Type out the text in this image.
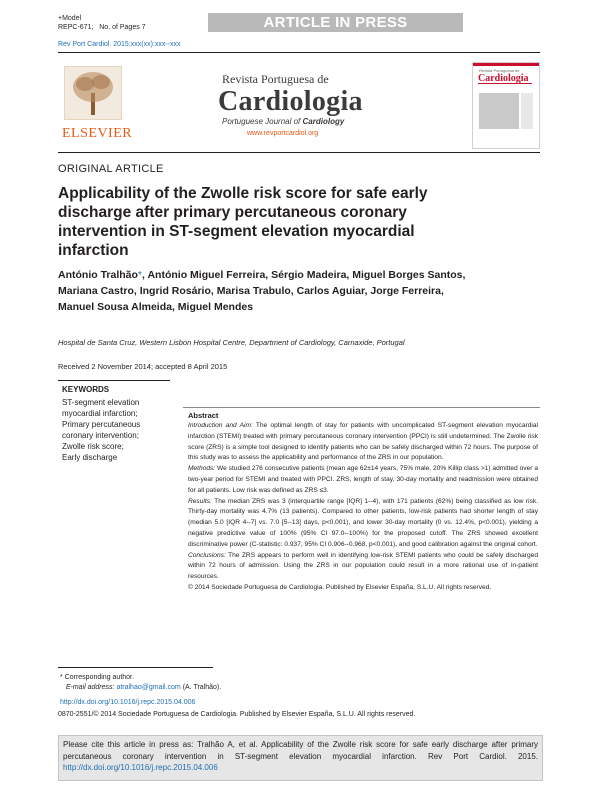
+Model
REPC-671; No. of Pages 7	ARTICLE IN PRESS
Rev Port Cardiol. 2015;xxx(xx):xxx--xxx
ELSEVIER
Revista Portuguesa de
Cardiologia
Portuguese Journal of Cardiology
www.revportcardiol.org
Revista Portuguesa de
Cardiologia
ORIGINAL ARTICLE
Applicability of the Zwolle risk score for safe early discharge after primary percutaneous coronary intervention in ST-segment elevation myocardial infarction
António Tralhão*, António Miguel Ferreira, Sérgio Madeira, Miguel Borges Santos,
Mariana Castro, Ingrid Rosário, Marisa Trabulo, Carlos Aguiar, Jorge Ferreira,
Manuel Sousa Almeida, Miguel Mendes
Hospital de Santa Cruz, Western Lisbon Hospital Centre, Department of Cardiology, Carnaxide, Portugal
Received 2 November 2014; accepted 8 April 2015
KEYWORDS
ST-segment elevation myocardial infarction;
Primary percutaneous coronary intervention;
Zwolle risk score;
Early discharge
Abstract

Introduction and Aim: The optimal length of stay for patients with uncomplicated ST-segment elevation myocardial infarction (STEMI) treated with primary percutaneous coronary intervention (PPCI) is still undetermined. The Zwolle risk score (ZRS) is a simple tool designed to identify patients who can be safely discharged within 72 hours. The purpose of this study was to assess the applicability and performance of the ZRS in our population.

Methods: We studied 276 consecutive patients (mean age 62±14 years, 75% male, 20% Killip class >1) admitted over a two-year period for STEMI and treated with PPCI. ZRS, length of stay, 30-day mortality and readmission were obtained for all patients. Low risk was defined as ZRS ≤3.

Results: The median ZRS was 3 (interquartile range [IQR] 1--4), with 171 patients (62%) being classified as low risk. Thirty-day mortality was 4.7% (13 patients). Compared to other patients, low-risk patients had shorter length of stay (median 5.0 [IQR 4--7] vs. 7.0 [5--13] days, p<0.001), and lower 30-day mortality (0 vs. 12.4%, p<0.001), yielding a negative predictive value of 100% (95% CI 97.0--100%) for the proposed cutoff. The ZRS showed excellent discriminative power (C-statistic: 0.937, 95% CI 0.906--0.968, p<0.001), and good calibration against the original cohort.

Conclusions: The ZRS appears to perform well in identifying low-risk STEMI patients who could be safely discharged within 72 hours of admission. Using the ZRS in our population could result in a more rational use of in-patient resources.

© 2014 Sociedade Portuguesa de Cardiologia. Published by Elsevier España, S.L.U. All rights reserved.

* Corresponding author.
E-mail address: atralhao@gmail.com (A. Tralhão).
http://dx.doi.org/10.1016/j.repc.2015.04.006
0870-2551/© 2014 Sociedade Portuguesa de Cardiologia. Published by Elsevier España, S.L.U. All rights reserved.
Please cite this article in press as: Tralhão A, et al. Applicability of the Zwolle risk score for safe early discharge after primary percutaneous coronary intervention in ST-segment elevation myocardial infarction. Rev Port Cardiol. 2015. http://dx.doi.org/10.1016/j.repc.2015.04.006
